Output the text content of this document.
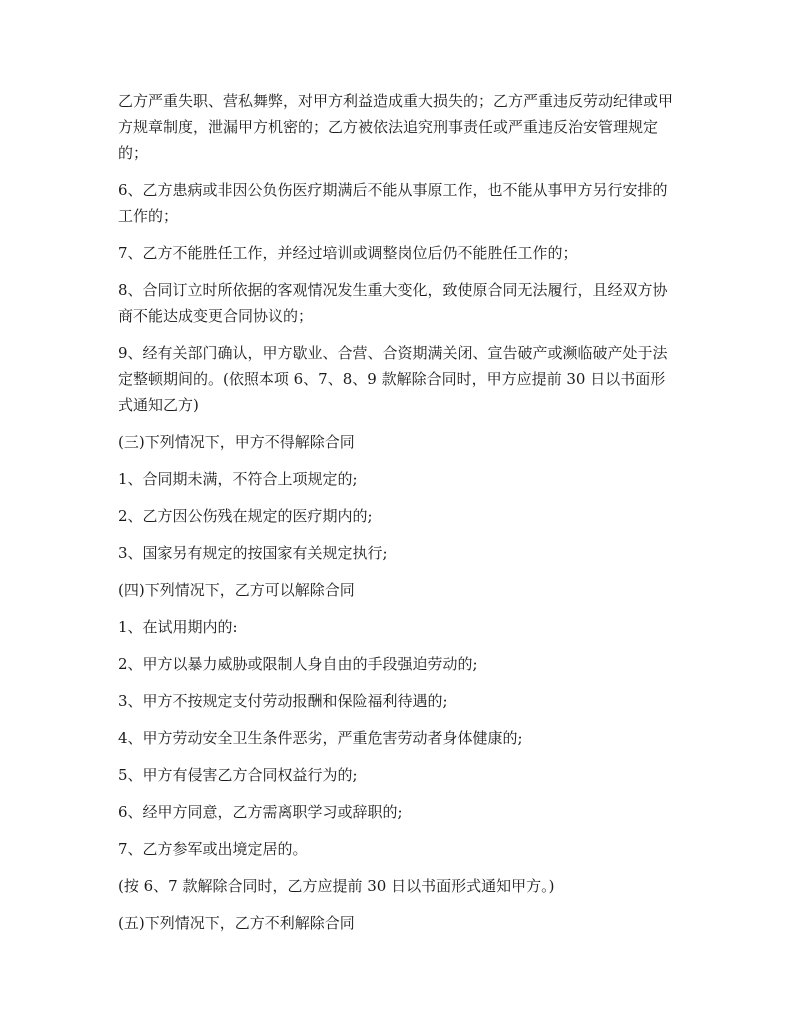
乙方严重失职、营私舞弊，对甲方利益造成重大损失的；乙方严重违反劳动纪律或甲方规章制度，泄漏甲方机密的；乙方被依法追究刑事责任或严重违反治安管理规定的；

6、乙方患病或非因公负伤医疗期满后不能从事原工作，也不能从事甲方另行安排的工作的；

7、乙方不能胜任工作，并经过培训或调整岗位后仍不能胜任工作的；

8、合同订立时所依据的客观情况发生重大变化，致使原合同无法履行，且经双方协商不能达成变更合同协议的；

9、经有关部门确认，甲方歇业、合营、合资期满关闭、宣告破产或濒临破产处于法定整顿期间的。(依照本项 6、7、8、9 款解除合同时，甲方应提前 30 日以书面形式通知乙方)

(三)下列情况下，甲方不得解除合同

1、合同期未满，不符合上项规定的;

2、乙方因公伤残在规定的医疗期内的;

3、国家另有规定的按国家有关规定执行;

(四)下列情况下，乙方可以解除合同

1、在试用期内的:

2、甲方以暴力威胁或限制人身自由的手段强迫劳动的;

3、甲方不按规定支付劳动报酬和保险福利待遇的;

4、甲方劳动安全卫生条件恶劣，严重危害劳动者身体健康的;

5、甲方有侵害乙方合同权益行为的;

6、经甲方同意，乙方需离职学习或辞职的;

7、乙方参军或出境定居的。

(按 6、7 款解除合同时，乙方应提前 30 日以书面形式通知甲方。)

(五)下列情况下，乙方不利解除合同
